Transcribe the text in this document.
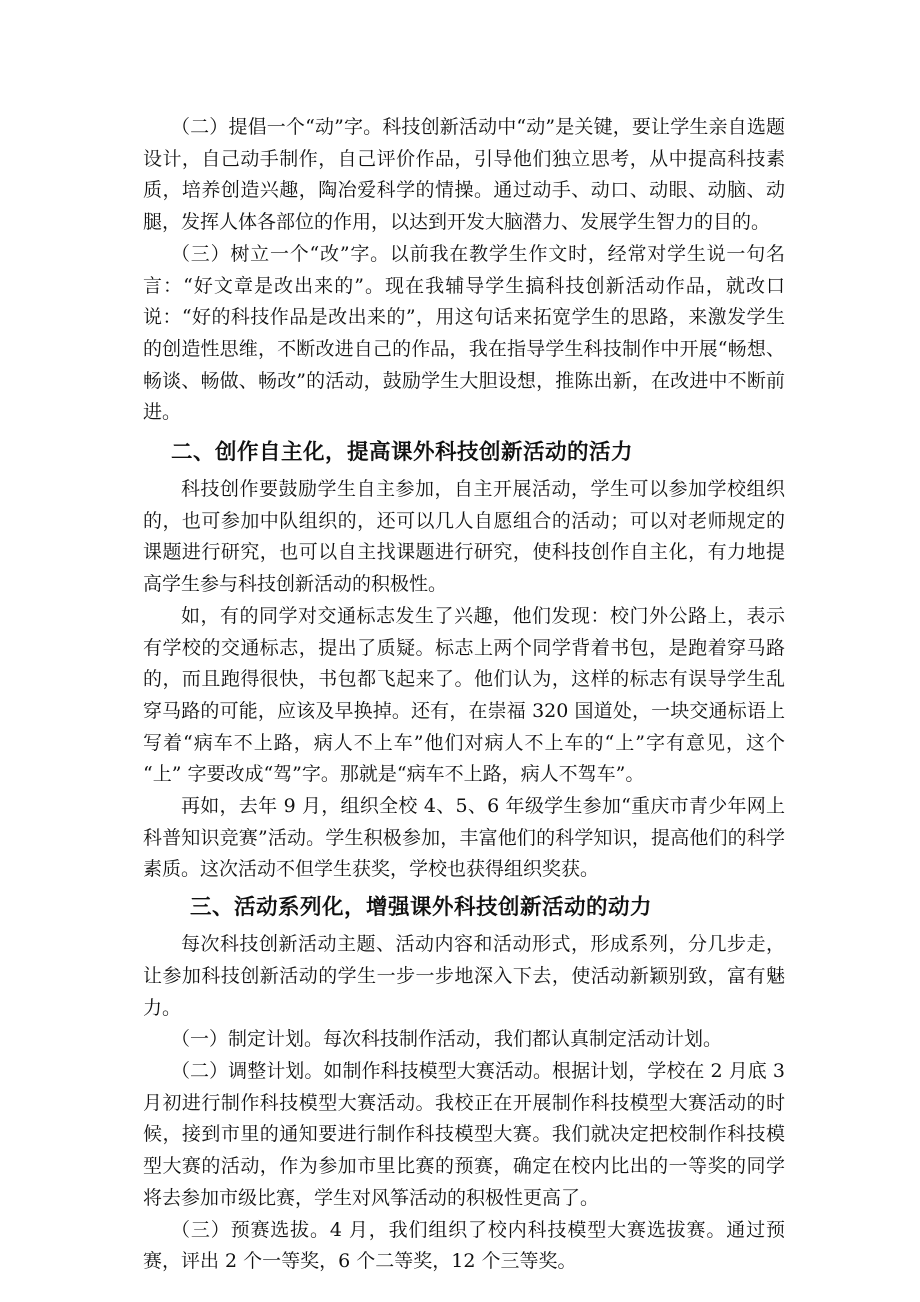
（二）提倡一个“动”字。科技创新活动中“动”是关键，要让学生亲自选题设计，自己动手制作，自己评价作品，引导他们独立思考，从中提高科技素质，培养创造兴趣，陶冶爱科学的情操。通过动手、动口、动眼、动脑、动腿，发挥人体各部位的作用，以达到开发大脑潜力、发展学生智力的目的。

（三）树立一个“改”字。以前我在教学生作文时，经常对学生说一句名言：“好文章是改出来的”。现在我辅导学生搞科技创新活动作品，就改口说：“好的科技作品是改出来的”，用这句话来拓宽学生的思路，来激发学生的创造性思维，不断改进自己的作品，我在指导学生科技制作中开展“畅想、畅谈、畅做、畅改”的活动，鼓励学生大胆设想，推陈出新，在改进中不断前进。

二、创作自主化，提高课外科技创新活动的活力

科技创作要鼓励学生自主参加，自主开展活动，学生可以参加学校组织的，也可参加中队组织的，还可以几人自愿组合的活动；可以对老师规定的课题进行研究，也可以自主找课题进行研究，使科技创作自主化，有力地提高学生参与科技创新活动的积极性。

如，有的同学对交通标志发生了兴趣，他们发现：校门外公路上，表示有学校的交通标志，提出了质疑。标志上两个同学背着书包，是跑着穿马路的，而且跑得很快，书包都飞起来了。他们认为，这样的标志有误导学生乱穿马路的可能，应该及早换掉。还有，在崇福 320 国道处，一块交通标语上写着“病车不上路，病人不上车”他们对病人不上车的“上”字有意见，这个 “上” 字要改成“驾”字。那就是“病车不上路，病人不驾车”。

再如，去年 9 月，组织全校 4、5、6 年级学生参加“重庆市青少年网上科普知识竞赛”活动。学生积极参加，丰富他们的科学知识，提高他们的科学素质。这次活动不但学生获奖，学校也获得组织奖获。

三、活动系列化，增强课外科技创新活动的动力

每次科技创新活动主题、活动内容和活动形式，形成系列，分几步走，让参加科技创新活动的学生一步一步地深入下去，使活动新颖别致，富有魅力。

（一）制定计划。每次科技制作活动，我们都认真制定活动计划。

（二）调整计划。如制作科技模型大赛活动。根据计划，学校在 2 月底 3 月初进行制作科技模型大赛活动。我校正在开展制作科技模型大赛活动的时候，接到市里的通知要进行制作科技模型大赛。我们就决定把校制作科技模型大赛的活动，作为参加市里比赛的预赛，确定在校内比出的一等奖的同学将去参加市级比赛，学生对风筝活动的积极性更高了。

（三）预赛选拔。4 月，我们组织了校内科技模型大赛选拔赛。通过预赛，评出 2 个一等奖，6 个二等奖，12 个三等奖。
